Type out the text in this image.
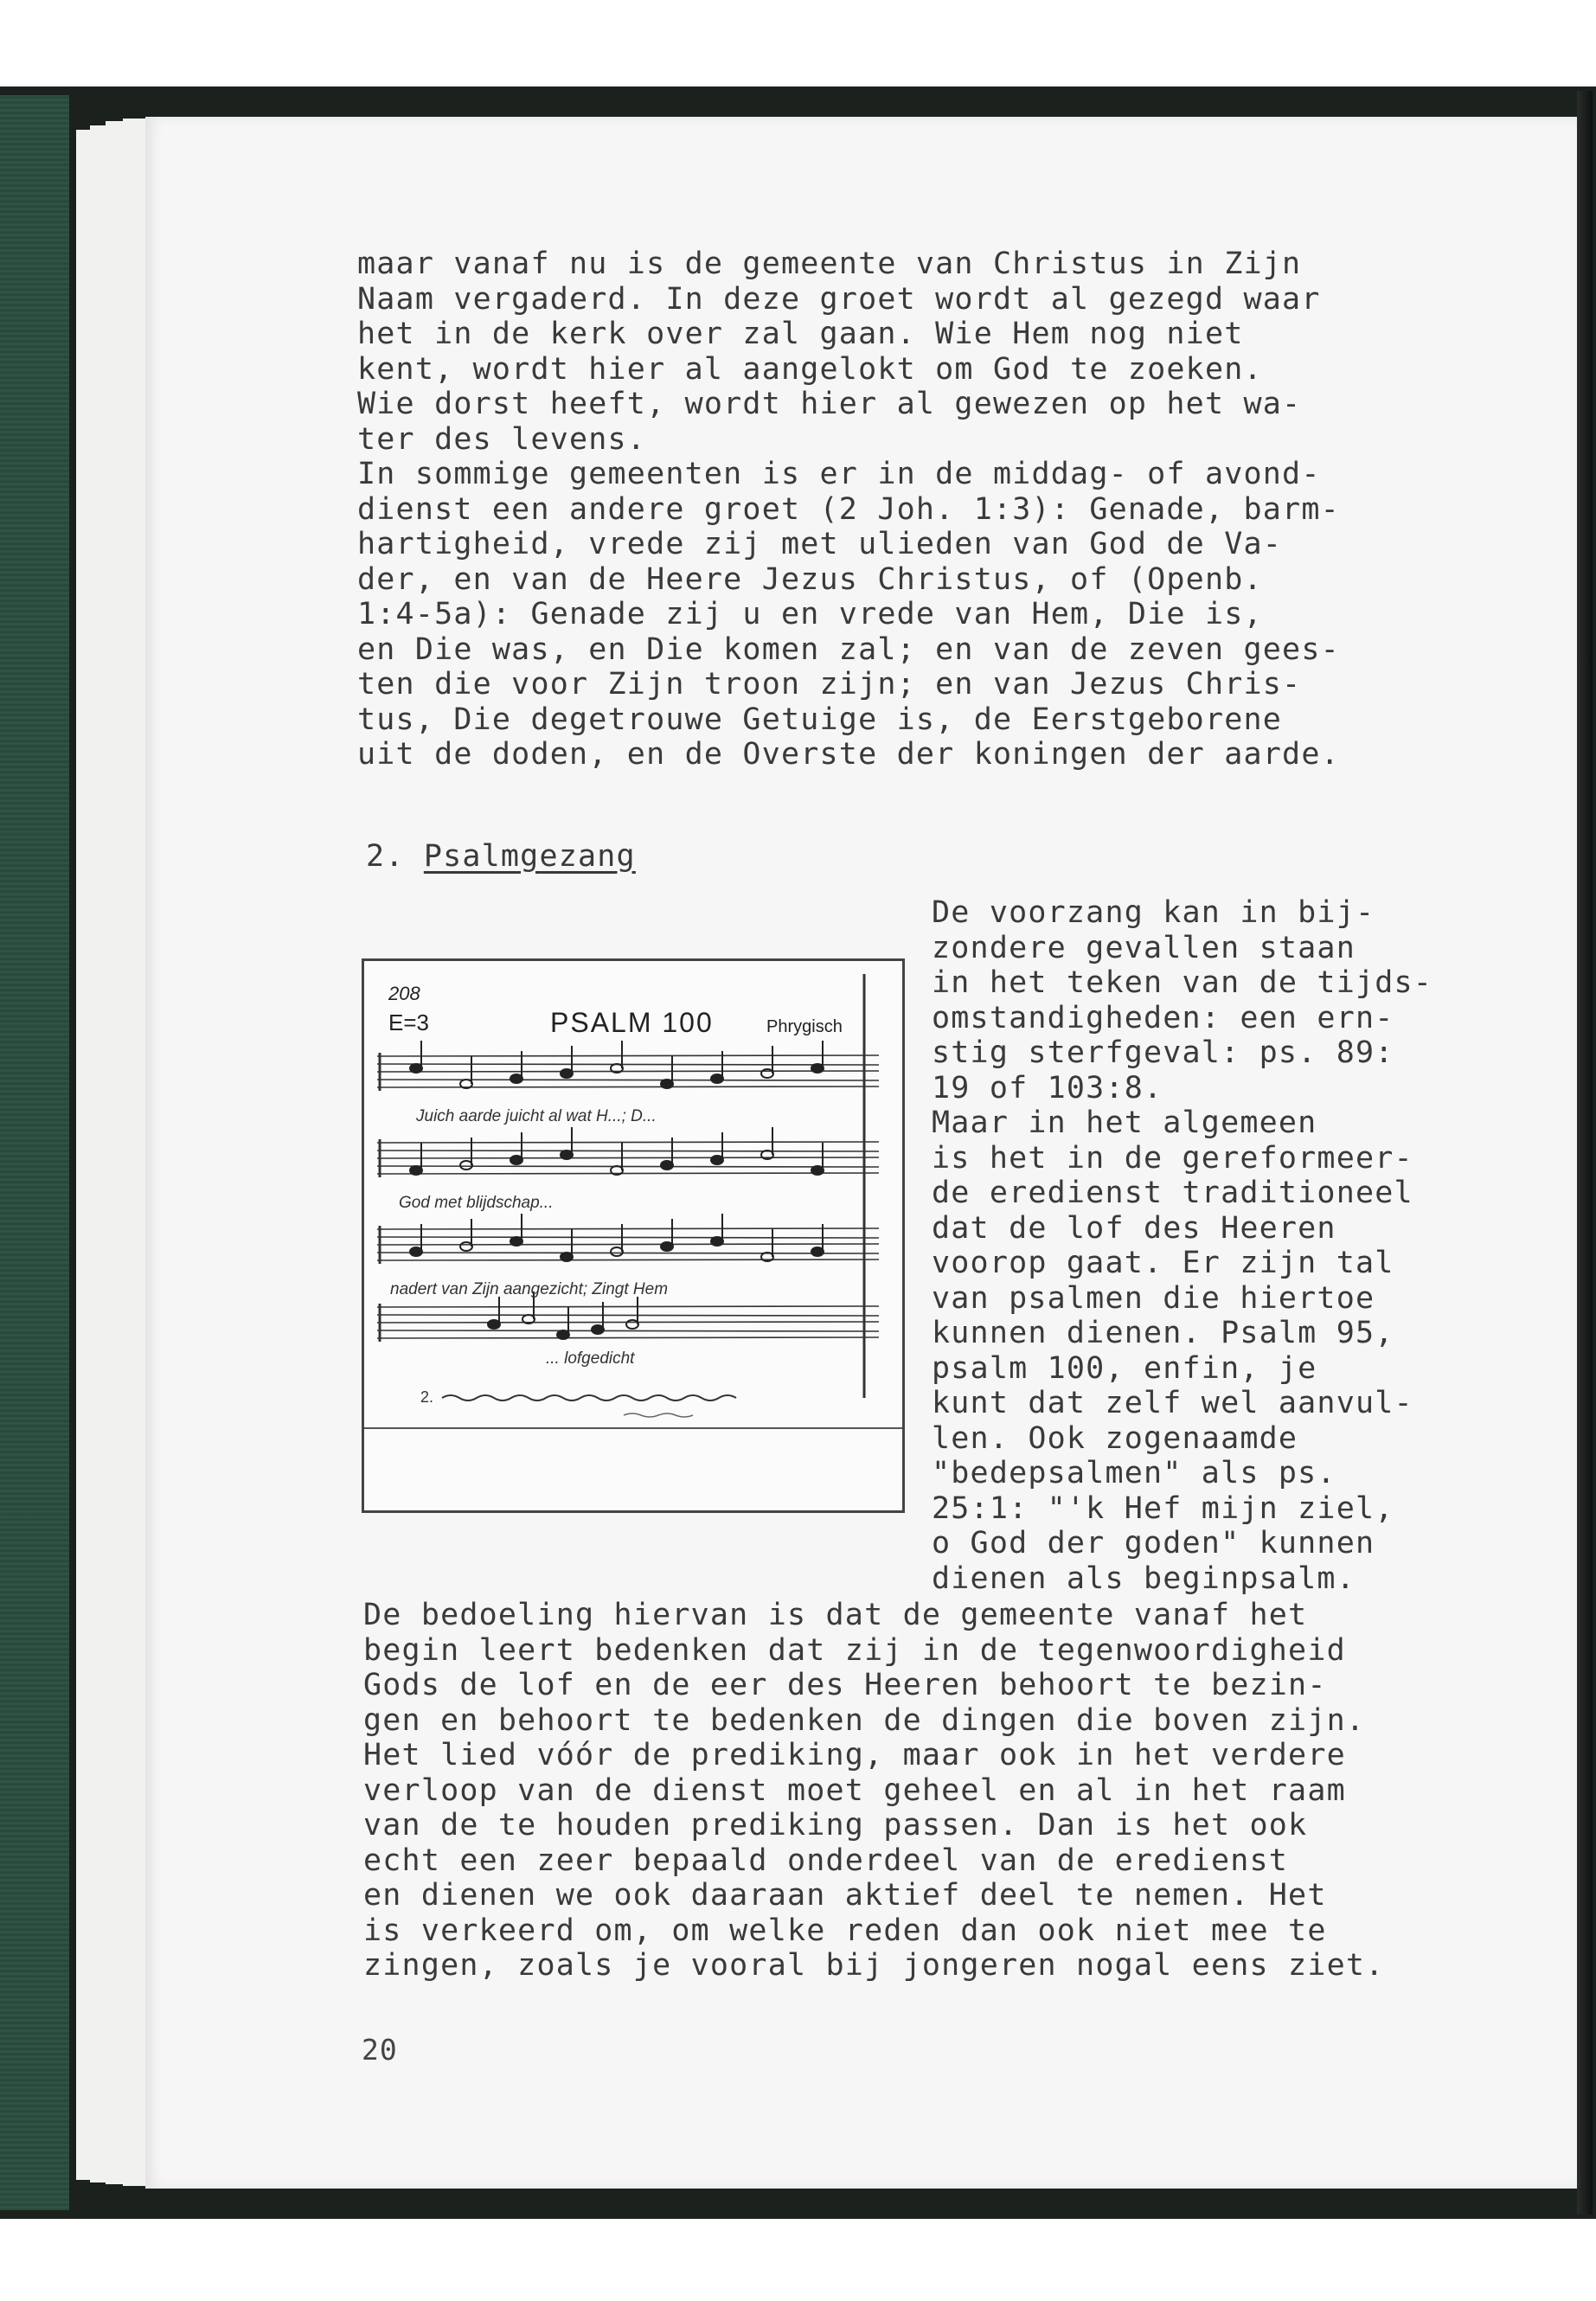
maar vanaf nu is de gemeente van Christus in Zijn
Naam vergaderd. In deze groet wordt al gezegd waar
het in de kerk over zal gaan. Wie Hem nog niet
kent, wordt hier al aangelokt om God te zoeken.
Wie dorst heeft, wordt hier al gewezen op het wa-
ter des levens.
In sommige gemeenten is er in de middag- of avond-
dienst een andere groet (2 Joh. 1:3): Genade, barm-
hartigheid, vrede zij met ulieden van God de Va-
der, en van de Heere Jezus Christus, of (Openb.
1:4-5a): Genade zij u en vrede van Hem, Die is,
en Die was, en Die komen zal; en van de zeven gees-
ten die voor Zijn troon zijn; en van Jezus Chris-
tus, Die degetrouwe Getuige is, de Eerstgeborene
uit de doden, en de Overste der koningen der aarde.
2. Psalmgezang
208
E=3	PSALM 100	Phrygisch
Juich aarde juicht al wat H...; D...
God met blijdschap...
nadert van Zijn aangezicht; Zingt Hem
... lofgedicht
2.
De voorzang kan in bij-
zondere gevallen staan
in het teken van de tijds-
omstandigheden: een ern-
stig sterfgeval: ps. 89:
19 of 103:8.
Maar in het algemeen
is het in de gereformeer-
de eredienst traditioneel
dat de lof des Heeren
voorop gaat. Er zijn tal
van psalmen die hiertoe
kunnen dienen. Psalm 95,
psalm 100, enfin, je
kunt dat zelf wel aanvul-
len. Ook zogenaamde
"bedepsalmen" als ps.
25:1: "'k Hef mijn ziel,
o God der goden" kunnen
dienen als beginpsalm.
De bedoeling hiervan is dat de gemeente vanaf het
begin leert bedenken dat zij in de tegenwoordigheid
Gods de lof en de eer des Heeren behoort te bezin-
gen en behoort te bedenken de dingen die boven zijn.
Het lied vóór de prediking, maar ook in het verdere
verloop van de dienst moet geheel en al in het raam
van de te houden prediking passen. Dan is het ook
echt een zeer bepaald onderdeel van de eredienst
en dienen we ook daaraan aktief deel te nemen. Het
is verkeerd om, om welke reden dan ook niet mee te
zingen, zoals je vooral bij jongeren nogal eens ziet.
20
